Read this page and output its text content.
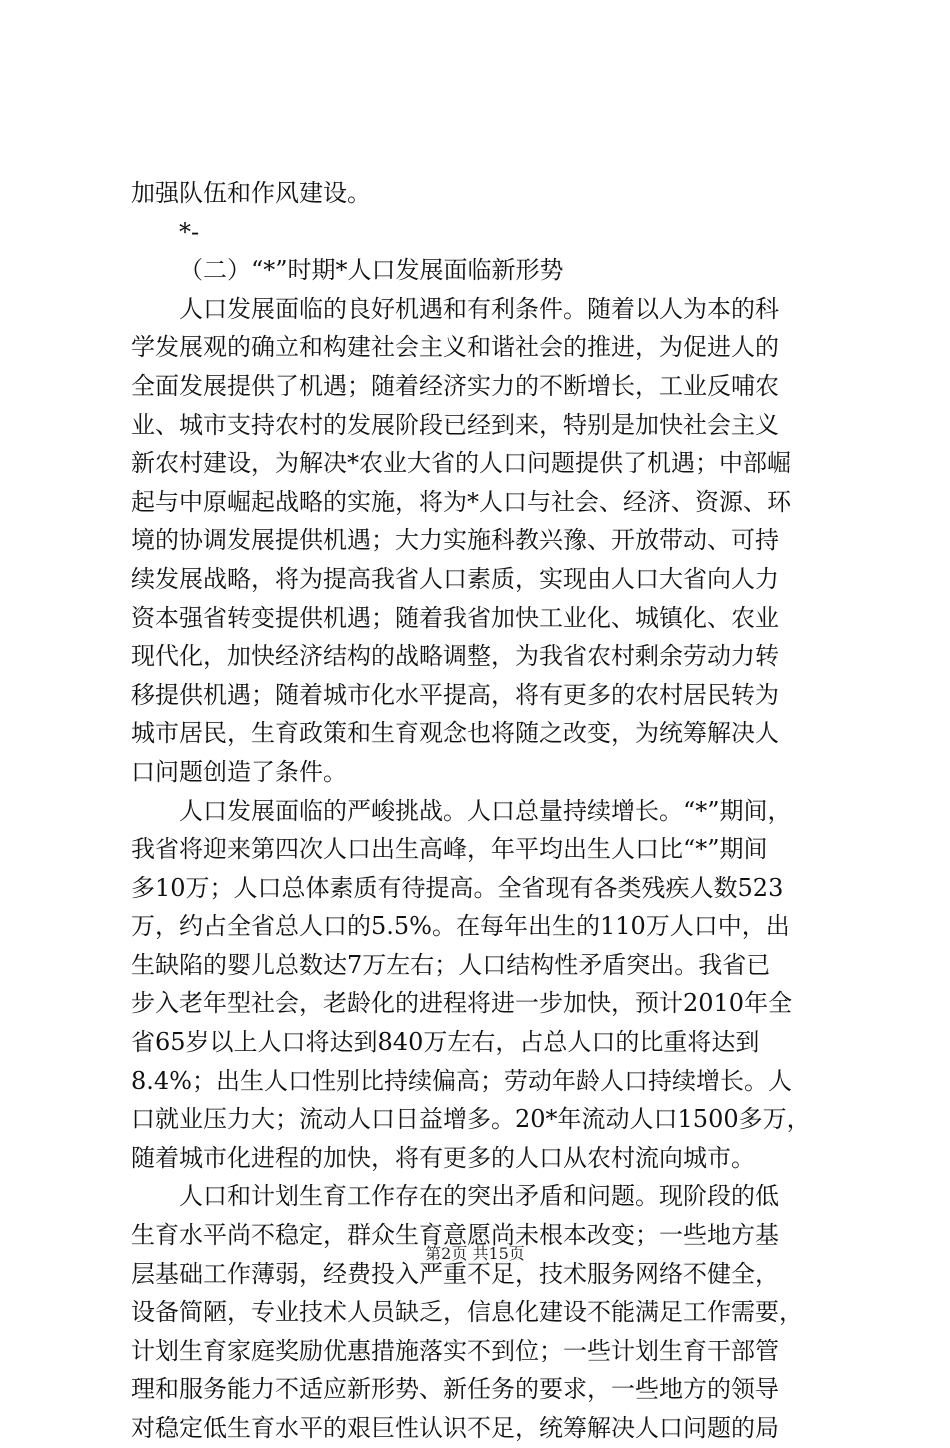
加强队伍和作风建设。
*-
（二）“*”时期*人口发展面临新形势
人口发展面临的良好机遇和有利条件。随着以人为本的科
学发展观的确立和构建社会主义和谐社会的推进，为促进人的
全面发展提供了机遇；随着经济实力的不断增长，工业反哺农
业、城市支持农村的发展阶段已经到来，特别是加快社会主义
新农村建设，为解决*农业大省的人口问题提供了机遇；中部崛
起与中原崛起战略的实施，将为*人口与社会、经济、资源、环
境的协调发展提供机遇；大力实施科教兴豫、开放带动、可持
续发展战略，将为提高我省人口素质，实现由人口大省向人力
资本强省转变提供机遇；随着我省加快工业化、城镇化、农业
现代化，加快经济结构的战略调整，为我省农村剩余劳动力转
移提供机遇；随着城市化水平提高，将有更多的农村居民转为
城市居民，生育政策和生育观念也将随之改变，为统筹解决人
口问题创造了条件。
人口发展面临的严峻挑战。人口总量持续增长。“*”期间，
我省将迎来第四次人口出生高峰，年平均出生人口比“*”期间
多10万；人口总体素质有待提高。全省现有各类残疾人数523
万，约占全省总人口的5.5%。在每年出生的110万人口中，出
生缺陷的婴儿总数达7万左右；人口结构性矛盾突出。我省已
步入老年型社会，老龄化的进程将进一步加快，预计2010年全
省65岁以上人口将达到840万左右，占总人口的比重将达到
8.4%；出生人口性别比持续偏高；劳动年龄人口持续增长。人
口就业压力大；流动人口日益增多。20*年流动人口1500多万，
随着城市化进程的加快，将有更多的人口从农村流向城市。
人口和计划生育工作存在的突出矛盾和问题。现阶段的低
生育水平尚不稳定，群众生育意愿尚未根本改变；一些地方基
层基础工作薄弱，经费投入严重不足，技术服务网络不健全，
设备简陋，专业技术人员缺乏，信息化建设不能满足工作需要，
计划生育家庭奖励优惠措施落实不到位；一些计划生育干部管
理和服务能力不适应新形势、新任务的要求，一些地方的领导
对稳定低生育水平的艰巨性认识不足，统筹解决人口问题的局
第2页 共15页
